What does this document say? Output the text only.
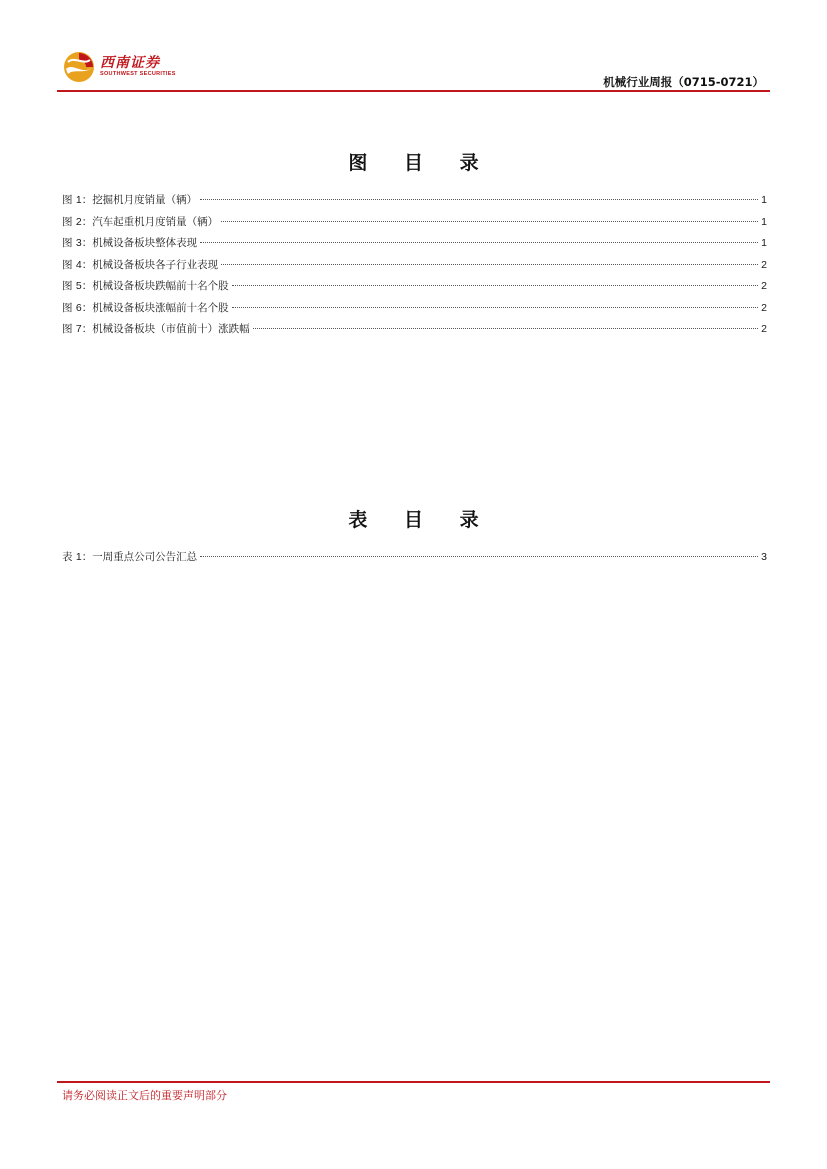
西南证券
SOUTHWEST SECURITIES
机械行业周报（0715-0721）
图 目 录
图 1：挖掘机月度销量（辆）	1
图 2：汽车起重机月度销量（辆）	1
图 3：机械设备板块整体表现	1
图 4：机械设备板块各子行业表现	2
图 5：机械设备板块跌幅前十名个股	2
图 6：机械设备板块涨幅前十名个股	2
图 7：机械设备板块（市值前十）涨跌幅	2
表 目 录
表 1：一周重点公司公告汇总	3
请务必阅读正文后的重要声明部分
